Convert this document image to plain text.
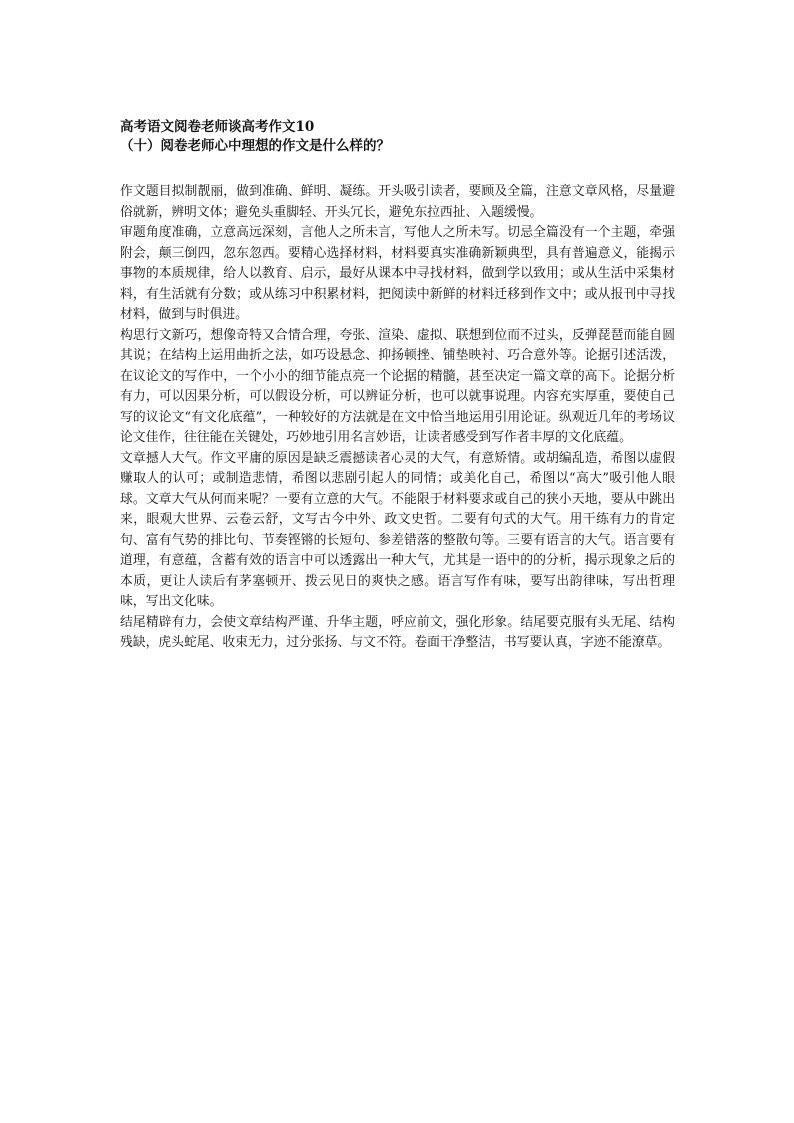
高考语文阅卷老师谈高考作文10

（十）阅卷老师心中理想的作文是什么样的？

作文题目拟制靓丽，做到准确、鲜明、凝练。开头吸引读者，要顾及全篇，注意文章风格，尽量避俗就新，辨明文体；避免头重脚轻、开头冗长，避免东拉西扯、入题缓慢。

审题角度准确，立意高远深刻，言他人之所未言，写他人之所未写。切忌全篇没有一个主题，牵强附会，颠三倒四，忽东忽西。要精心选择材料，材料要真实准确新颖典型，具有普遍意义，能揭示事物的本质规律，给人以教育、启示，最好从课本中寻找材料，做到学以致用；或从生活中采集材料，有生活就有分数；或从练习中积累材料，把阅读中新鲜的材料迁移到作文中；或从报刊中寻找材料，做到与时俱进。

构思行文新巧，想像奇特又合情合理，夸张、渲染、虚拟、联想到位而不过头，反弹琵琶而能自圆其说；在结构上运用曲折之法，如巧设悬念、抑扬顿挫、铺垫映衬、巧合意外等。论据引述活泼，在议论文的写作中，一个小小的细节能点亮一个论据的精髓，甚至决定一篇文章的高下。论据分析有力，可以因果分析，可以假设分析，可以辨证分析，也可以就事说理。内容充实厚重，要使自己写的议论文“有文化底蕴”，一种较好的方法就是在文中恰当地运用引用论证。纵观近几年的考场议论文佳作，往往能在关键处，巧妙地引用名言妙语，让读者感受到写作者丰厚的文化底蕴。

文章撼人大气。作文平庸的原因是缺乏震撼读者心灵的大气，有意矫情。或胡编乱造，希图以虚假赚取人的认可；或制造悲情，希图以悲剧引起人的同情；或美化自己，希图以“高大”吸引他人眼球。文章大气从何而来呢？一要有立意的大气。不能限于材料要求或自己的狭小天地，要从中跳出来，眼观大世界、云卷云舒，文写古今中外、政文史哲。二要有句式的大气。用干练有力的肯定句、富有气势的排比句、节奏铿锵的长短句、参差错落的整散句等。三要有语言的大气。语言要有道理，有意蕴，含蓄有效的语言中可以透露出一种大气，尤其是一语中的的分析，揭示现象之后的本质，更让人读后有茅塞顿开、拨云见日的爽快之感。语言写作有味，要写出韵律味，写出哲理味，写出文化味。

结尾精辟有力，会使文章结构严谨、升华主题，呼应前文，强化形象。结尾要克服有头无尾、结构残缺，虎头蛇尾、收束无力，过分张扬、与文不符。卷面干净整洁，书写要认真，字迹不能潦草。
